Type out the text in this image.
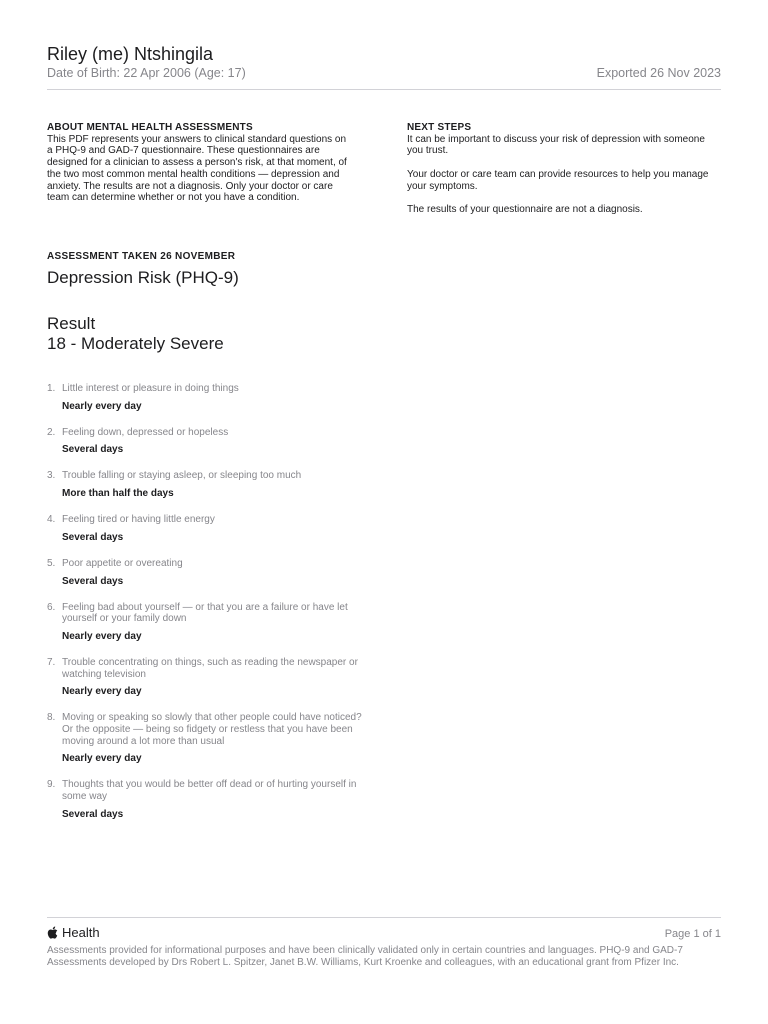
Riley (me) Ntshingila
Date of Birth: 22 Apr 2006 (Age: 17)	Exported 26 Nov 2023
ABOUT MENTAL HEALTH ASSESSMENTS
This PDF represents your answers to clinical standard questions on a PHQ-9 and GAD-7 questionnaire. These questionnaires are designed for a clinician to assess a person's risk, at that moment, of the two most common mental health conditions — depression and anxiety. The results are not a diagnosis. Only your doctor or care team can determine whether or not you have a condition.
NEXT STEPS
It can be important to discuss your risk of depression with someone you trust.
Your doctor or care team can provide resources to help you manage your symptoms.
The results of your questionnaire are not a diagnosis.
ASSESSMENT TAKEN 26 NOVEMBER
Depression Risk (PHQ-9)
Result
18 - Moderately Severe
1. Little interest or pleasure in doing things
Nearly every day
2. Feeling down, depressed or hopeless
Several days
3. Trouble falling or staying asleep, or sleeping too much
More than half the days
4. Feeling tired or having little energy
Several days
5. Poor appetite or overeating
Several days
6. Feeling bad about yourself — or that you are a failure or have let yourself or your family down
Nearly every day
7. Trouble concentrating on things, such as reading the newspaper or watching television
Nearly every day
8. Moving or speaking so slowly that other people could have noticed? Or the opposite — being so fidgety or restless that you have been moving around a lot more than usual
Nearly every day
9. Thoughts that you would be better off dead or of hurting yourself in some way
Several days
Health	Page 1 of 1
Assessments provided for informational purposes and have been clinically validated only in certain countries and languages. PHQ-9 and GAD-7 Assessments developed by Drs Robert L. Spitzer, Janet B.W. Williams, Kurt Kroenke and colleagues, with an educational grant from Pfizer Inc.
